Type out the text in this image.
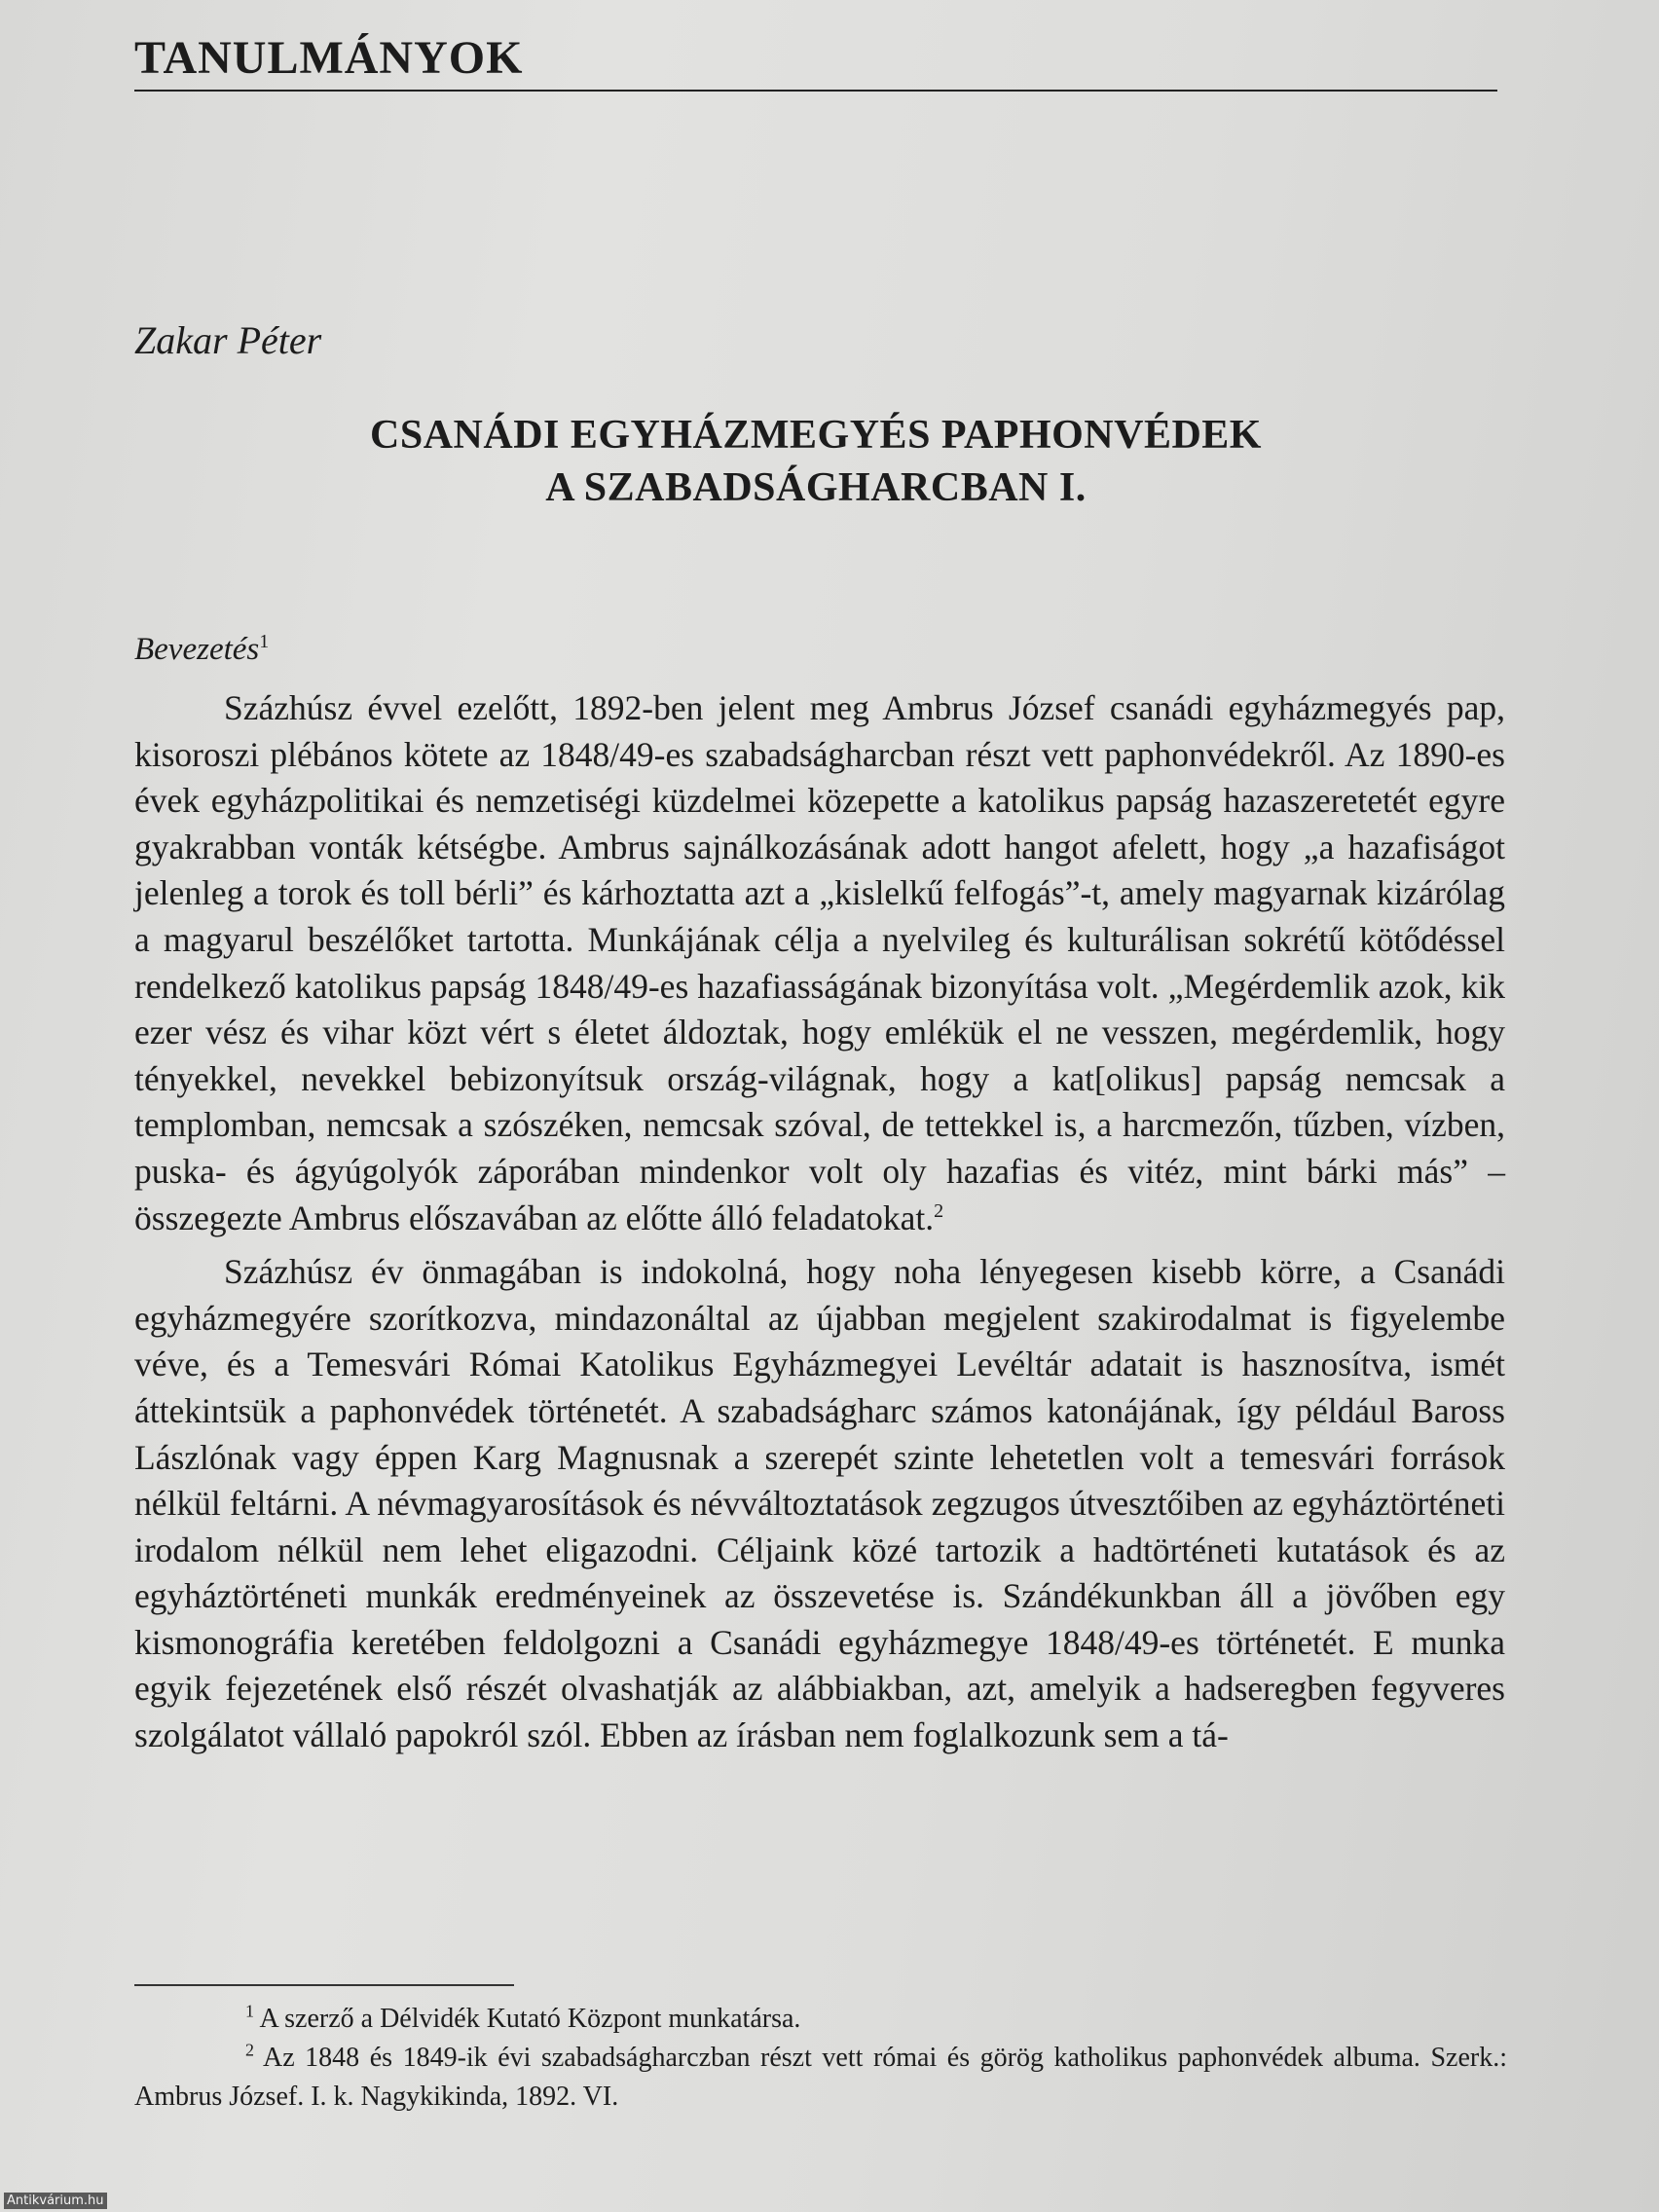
TANULMÁNYOK
Zakar Péter
CSANÁDI EGYHÁZMEGYÉS PAPHONVÉDEK
A SZABADSÁGHARCBAN I.
Bevezetés$^1$

Százhúsz évvel ezelőtt, 1892-ben jelent meg Ambrus József csanádi egyházmegyés pap, kisoroszi plébános kötete az 1848/49-es szabadságharcban részt vett paphonvédekről. Az 1890-es évek egyházpolitikai és nemzetiségi küzdelmei közepette a katolikus papság hazaszeretetét egyre gyakrabban vonták kétségbe. Ambrus sajnálkozásának adott hangot afelett, hogy „a hazafiságot jelenleg a torok és toll bérli” és kárhoztatta azt a „kislelkű felfogás”-t, amely magyarnak kizárólag a magyarul beszélőket tartotta. Munkájának célja a nyelvileg és kulturálisan sokrétű kötődéssel rendelkező katolikus papság 1848/49-es hazafiasságának bizonyítása volt. „Megérdemlik azok, kik ezer vész és vihar közt vért s életet áldoztak, hogy emlékük el ne vesszen, megérdemlik, hogy tényekkel, nevekkel bebizonyítsuk ország-világnak, hogy a kat[olikus] papság nemcsak a templomban, nemcsak a szószéken, nemcsak szóval, de tettekkel is, a harcmezőn, tűzben, vízben, puska- és ágyúgolyók záporában mindenkor volt oly hazafias és vitéz, mint bárki más” – összegezte Ambrus előszavában az előtte álló feladatokat.$^2$

Százhúsz év önmagában is indokolná, hogy noha lényegesen kisebb körre, a Csanádi egyházmegyére szorítkozva, mindazonáltal az újabban megjelent szakirodalmat is figyelembe véve, és a Temesvári Római Katolikus Egyházmegyei Levéltár adatait is hasznosítva, ismét áttekintsük a paphonvédek történetét. A szabadságharc számos katonájának, így például Baross Lászlónak vagy éppen Karg Magnusnak a szerepét szinte lehetetlen volt a temesvári források nélkül feltárni. A névmagyarosítások és névváltoztatások zegzugos útvesztőiben az egyháztörténeti irodalom nélkül nem lehet eligazodni. Céljaink közé tartozik a hadtörténeti kutatások és az egyháztörténeti munkák eredményeinek az összevetése is. Szándékunkban áll a jövőben egy kismonográfia keretében feldolgozni a Csanádi egyházmegye 1848/49-es történetét. E munka egyik fejezetének első részét olvashatják az alábbiakban, azt, amelyik a hadseregben fegyveres szolgálatot vállaló papokról szól. Ebben az írásban nem foglalkozunk sem a tá-

$^1$ A szerző a Délvidék Kutató Központ munkatársa.

$^2$ Az 1848 és 1849-ik évi szabadságharczban részt vett római és görög katholikus paphonvédek albuma. Szerk.: Ambrus József. I. k. Nagykikinda, 1892. VI.

Antikvárium.hu
